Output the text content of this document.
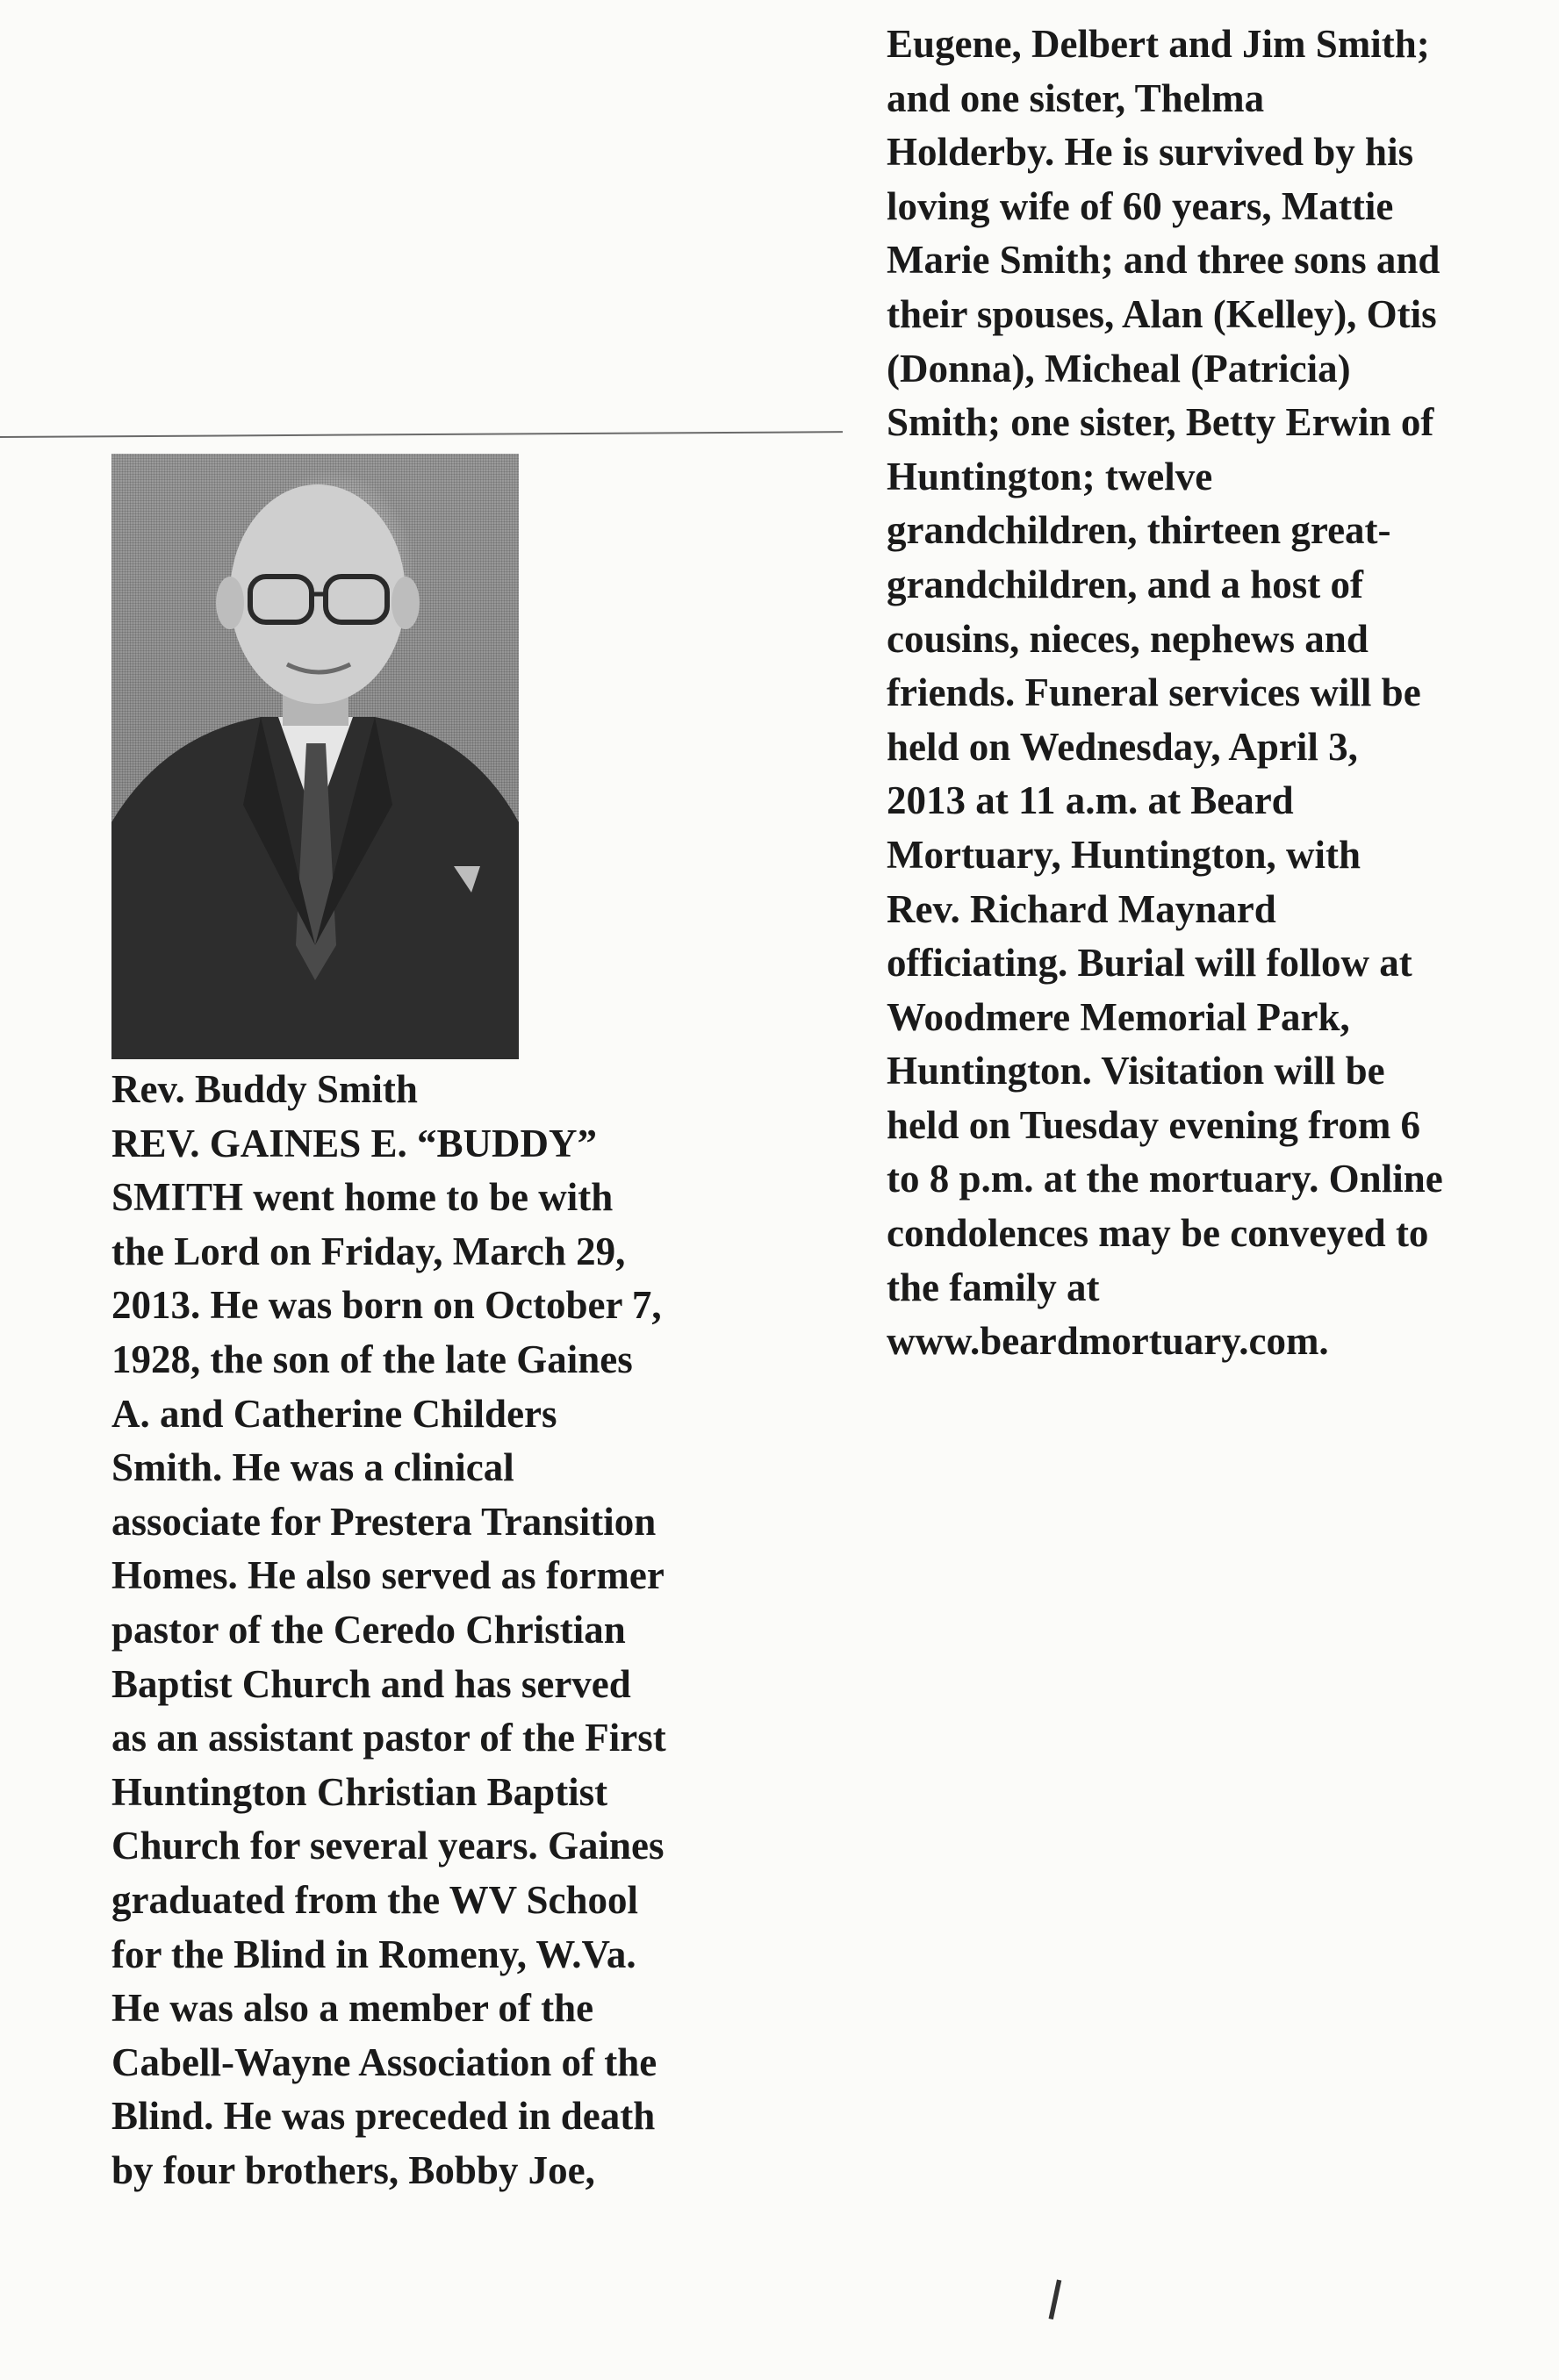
Rev. Buddy Smith
REV. GAINES E. “BUDDY”
SMITH went home to be with
the Lord on Friday, March 29,
2013. He was born on October 7,
1928, the son of the late Gaines
A. and Catherine Childers
Smith. He was a clinical
associate for Prestera Transition
Homes. He also served as former
pastor of the Ceredo Christian
Baptist Church and has served
as an assistant pastor of the First
Huntington Christian Baptist
Church for several years. Gaines
graduated from the WV School
for the Blind in Romeny, W.Va.
He was also a member of the
Cabell-Wayne Association of the
Blind. He was preceded in death
by four brothers, Bobby Joe,
Eugene, Delbert and Jim Smith;
and one sister, Thelma
Holderby. He is survived by his
loving wife of 60 years, Mattie
Marie Smith; and three sons and
their spouses, Alan (Kelley), Otis
(Donna), Micheal (Patricia)
Smith; one sister, Betty Erwin of
Huntington; twelve
grandchildren, thirteen great-
grandchildren, and a host of
cousins, nieces, nephews and
friends. Funeral services will be
held on Wednesday, April 3,
2013 at 11 a.m. at Beard
Mortuary, Huntington, with
Rev. Richard Maynard
officiating. Burial will follow at
Woodmere Memorial Park,
Huntington. Visitation will be
held on Tuesday evening from 6
to 8 p.m. at the mortuary. Online
condolences may be conveyed to
the family at
www.beardmortuary.com.
l
